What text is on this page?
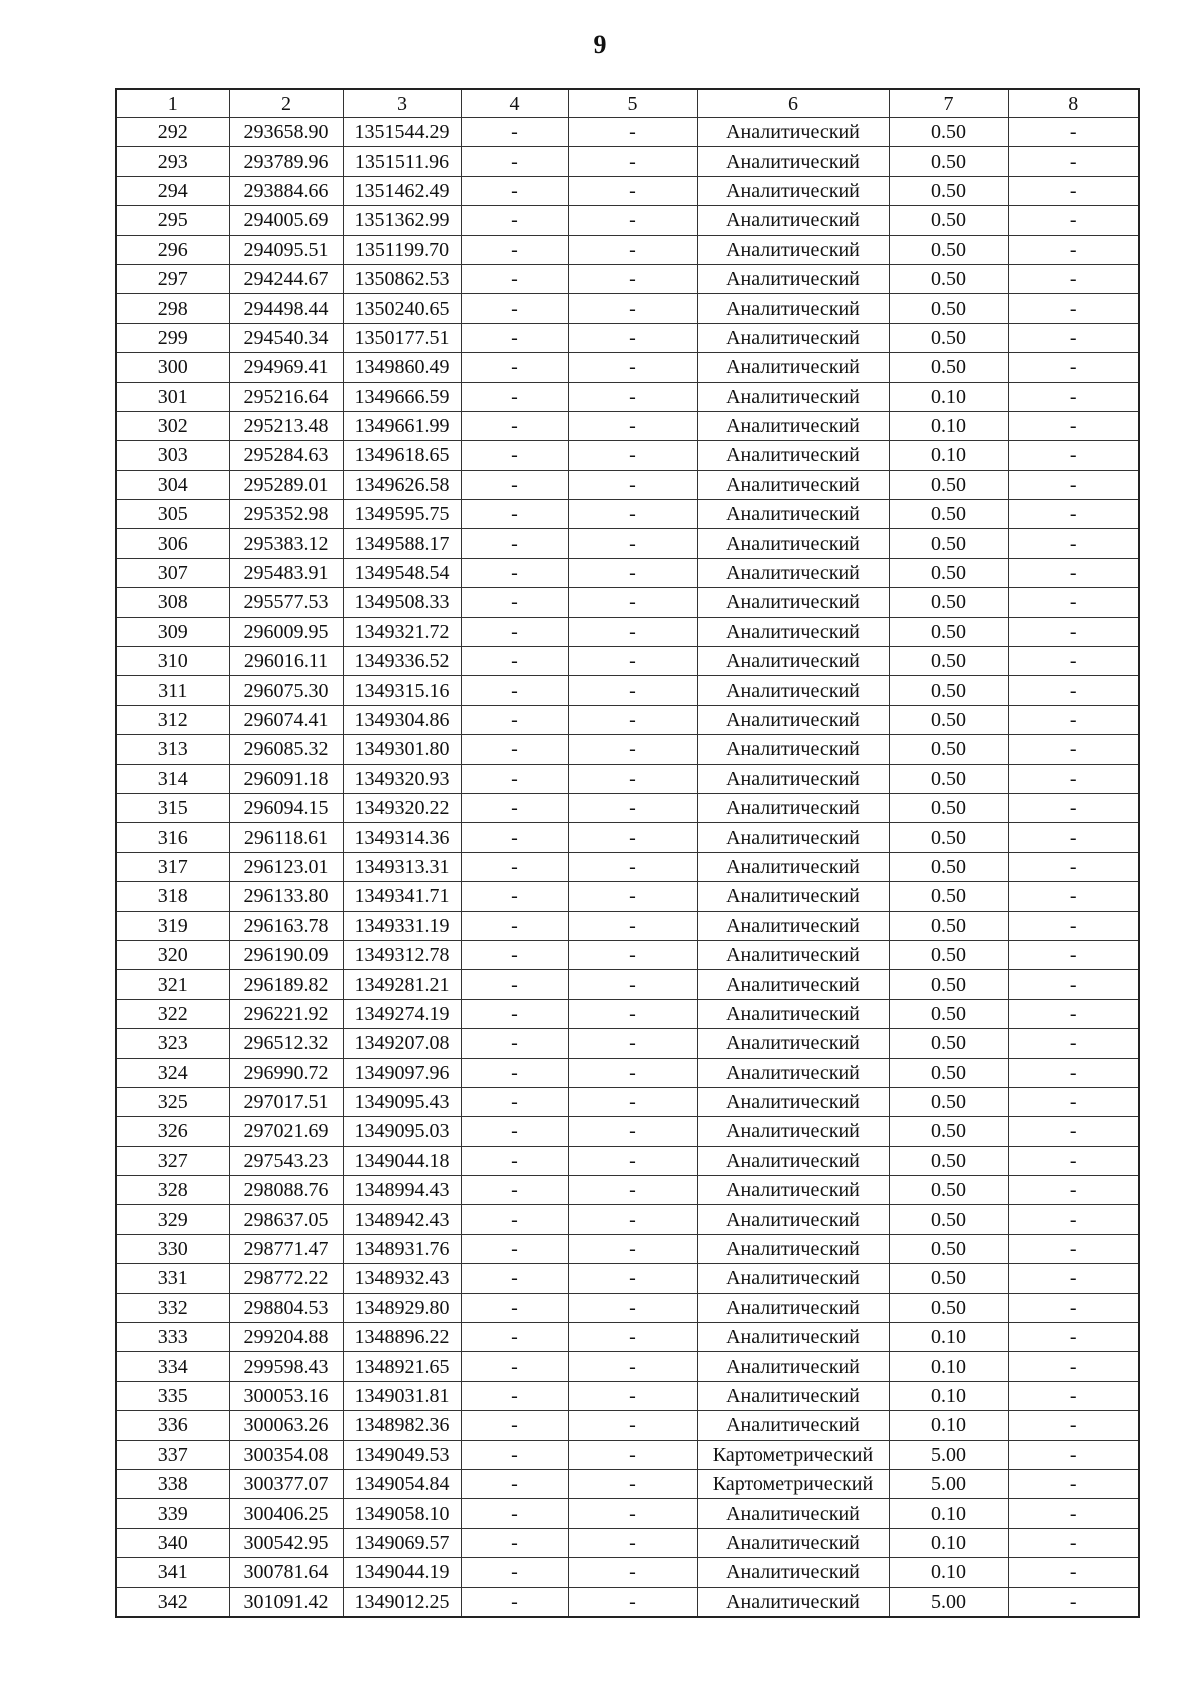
9
1	2	3	4	5	6	7	8
292	293658.90	1351544.29	-	-	Аналитический	0.50	-
293	293789.96	1351511.96	-	-	Аналитический	0.50	-
294	293884.66	1351462.49	-	-	Аналитический	0.50	-
295	294005.69	1351362.99	-	-	Аналитический	0.50	-
296	294095.51	1351199.70	-	-	Аналитический	0.50	-
297	294244.67	1350862.53	-	-	Аналитический	0.50	-
298	294498.44	1350240.65	-	-	Аналитический	0.50	-
299	294540.34	1350177.51	-	-	Аналитический	0.50	-
300	294969.41	1349860.49	-	-	Аналитический	0.50	-
301	295216.64	1349666.59	-	-	Аналитический	0.10	-
302	295213.48	1349661.99	-	-	Аналитический	0.10	-
303	295284.63	1349618.65	-	-	Аналитический	0.10	-
304	295289.01	1349626.58	-	-	Аналитический	0.50	-
305	295352.98	1349595.75	-	-	Аналитический	0.50	-
306	295383.12	1349588.17	-	-	Аналитический	0.50	-
307	295483.91	1349548.54	-	-	Аналитический	0.50	-
308	295577.53	1349508.33	-	-	Аналитический	0.50	-
309	296009.95	1349321.72	-	-	Аналитический	0.50	-
310	296016.11	1349336.52	-	-	Аналитический	0.50	-
311	296075.30	1349315.16	-	-	Аналитический	0.50	-
312	296074.41	1349304.86	-	-	Аналитический	0.50	-
313	296085.32	1349301.80	-	-	Аналитический	0.50	-
314	296091.18	1349320.93	-	-	Аналитический	0.50	-
315	296094.15	1349320.22	-	-	Аналитический	0.50	-
316	296118.61	1349314.36	-	-	Аналитический	0.50	-
317	296123.01	1349313.31	-	-	Аналитический	0.50	-
318	296133.80	1349341.71	-	-	Аналитический	0.50	-
319	296163.78	1349331.19	-	-	Аналитический	0.50	-
320	296190.09	1349312.78	-	-	Аналитический	0.50	-
321	296189.82	1349281.21	-	-	Аналитический	0.50	-
322	296221.92	1349274.19	-	-	Аналитический	0.50	-
323	296512.32	1349207.08	-	-	Аналитический	0.50	-
324	296990.72	1349097.96	-	-	Аналитический	0.50	-
325	297017.51	1349095.43	-	-	Аналитический	0.50	-
326	297021.69	1349095.03	-	-	Аналитический	0.50	-
327	297543.23	1349044.18	-	-	Аналитический	0.50	-
328	298088.76	1348994.43	-	-	Аналитический	0.50	-
329	298637.05	1348942.43	-	-	Аналитический	0.50	-
330	298771.47	1348931.76	-	-	Аналитический	0.50	-
331	298772.22	1348932.43	-	-	Аналитический	0.50	-
332	298804.53	1348929.80	-	-	Аналитический	0.50	-
333	299204.88	1348896.22	-	-	Аналитический	0.10	-
334	299598.43	1348921.65	-	-	Аналитический	0.10	-
335	300053.16	1349031.81	-	-	Аналитический	0.10	-
336	300063.26	1348982.36	-	-	Аналитический	0.10	-
337	300354.08	1349049.53	-	-	Картометрический	5.00	-
338	300377.07	1349054.84	-	-	Картометрический	5.00	-
339	300406.25	1349058.10	-	-	Аналитический	0.10	-
340	300542.95	1349069.57	-	-	Аналитический	0.10	-
341	300781.64	1349044.19	-	-	Аналитический	0.10	-
342	301091.42	1349012.25	-	-	Аналитический	5.00	-
